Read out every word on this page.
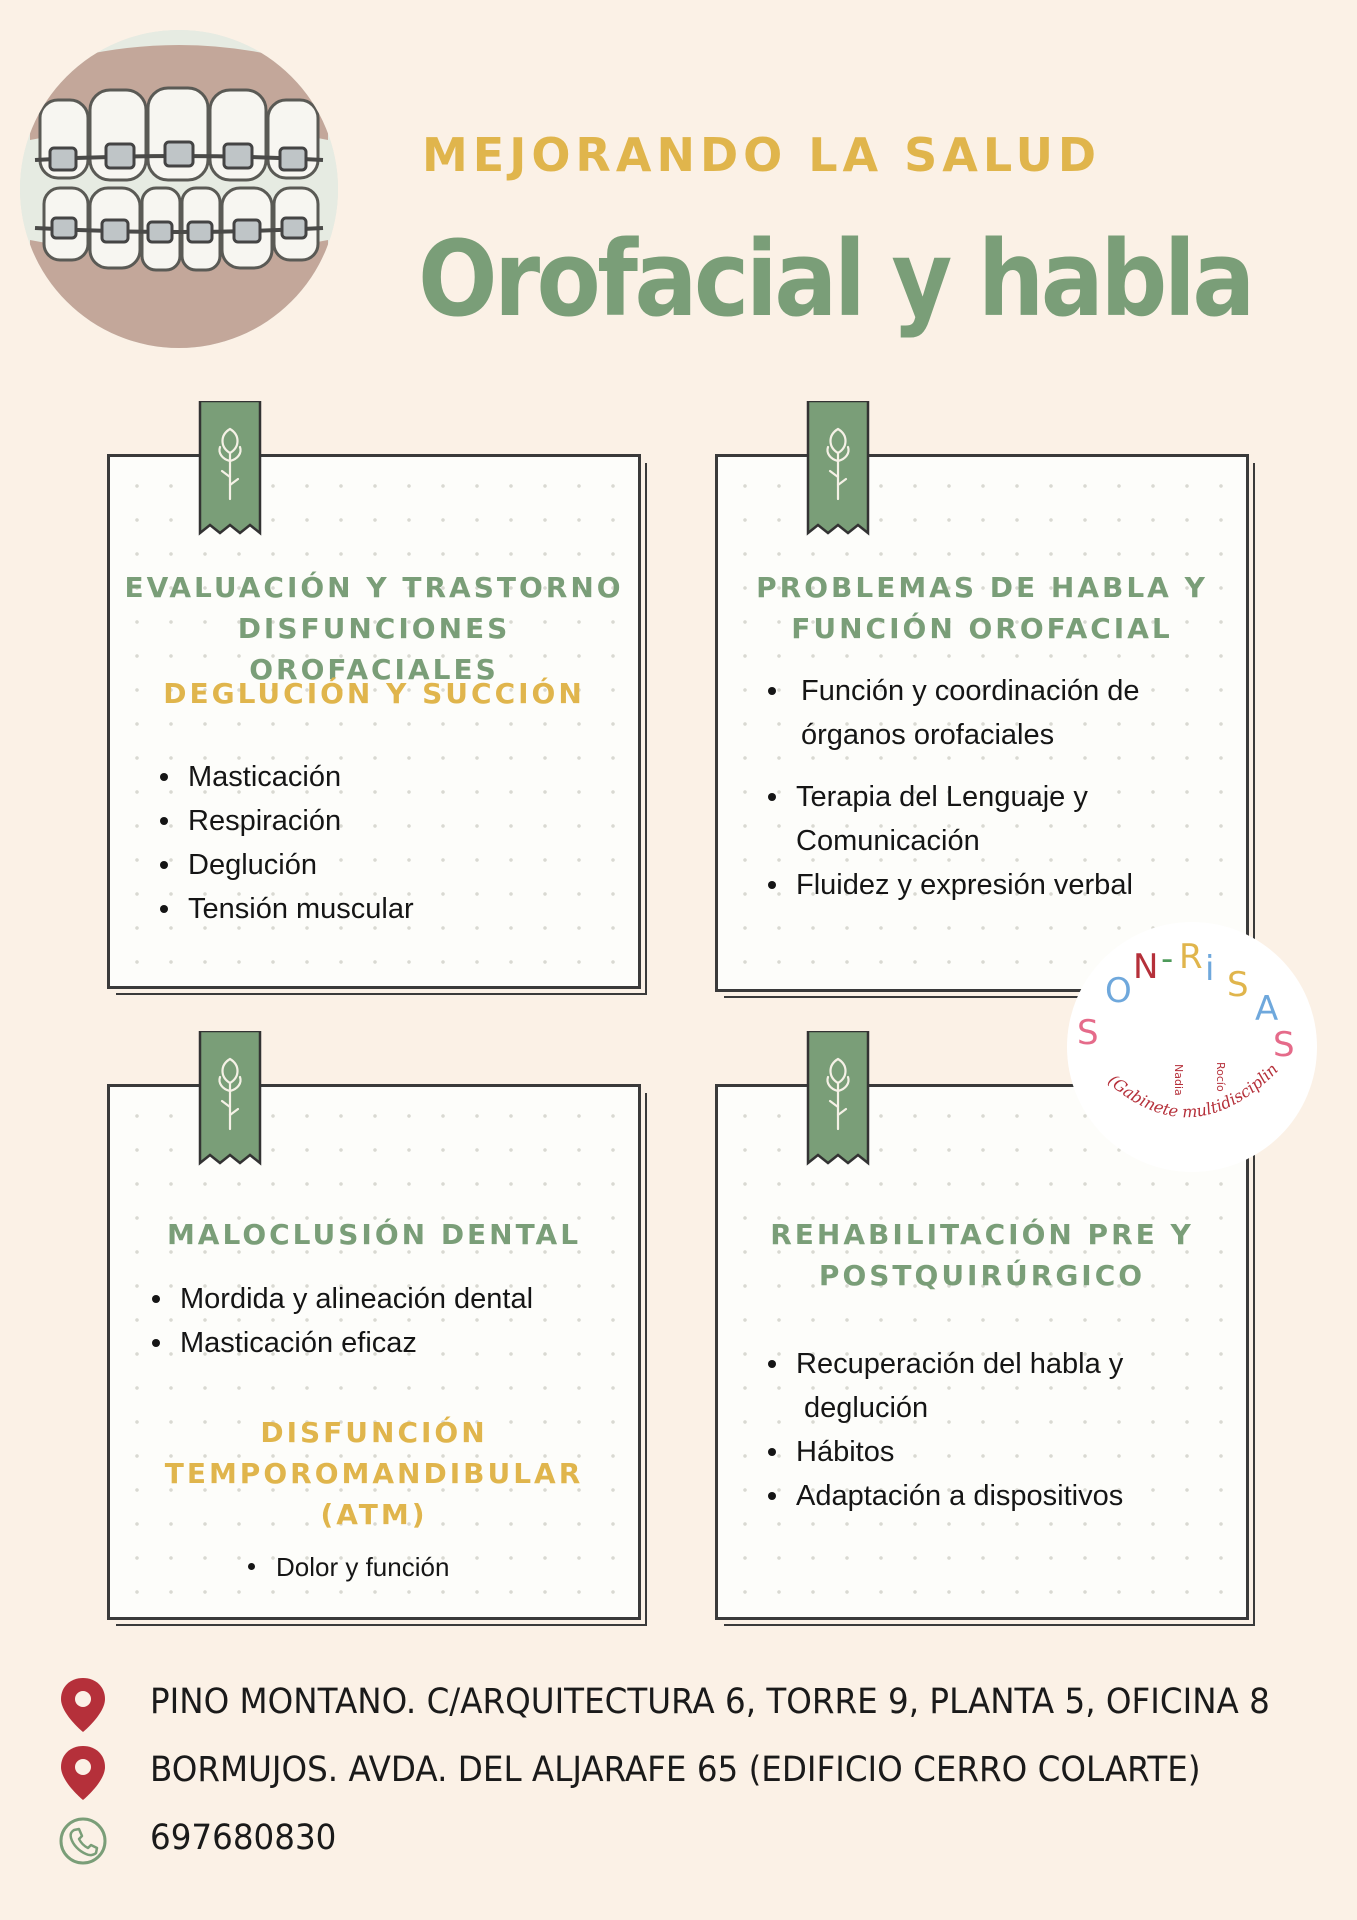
MEJORANDO LA SALUD

Orofacial y habla
EVALUACIÓN Y TRASTORNO
DISFUNCIONES OROFACIALES
DEGLUCIÓN Y SUCCIÓN
Masticación
Respiración
Deglución
Tensión muscular
PROBLEMAS DE HABLA Y
FUNCIÓN OROFACIAL
Función y coordinación de
órganos orofaciales
Terapia del Lenguaje y
Comunicación
Fluidez y expresión verbal
MALOCLUSIÓN DENTAL
Mordida y alineación dental
Masticación eficaz
DISFUNCIÓN
TEMPOROMANDIBULAR
(ATM)
Dolor y función
REHABILITACIÓN PRE Y
POSTQUIRÚRGICO
Recuperación del habla y
deglución
Hábitos
Adaptación a dispositivos
S
O
N - R i S
A
S
Nadia	Rocío
(Gabinete multidisciplin

PINO MONTANO. C/ARQUITECTURA 6, TORRE 9, PLANTA 5, OFICINA 8

BORMUJOS. AVDA. DEL ALJARAFE 65 (EDIFICIO CERRO COLARTE)

697680830
